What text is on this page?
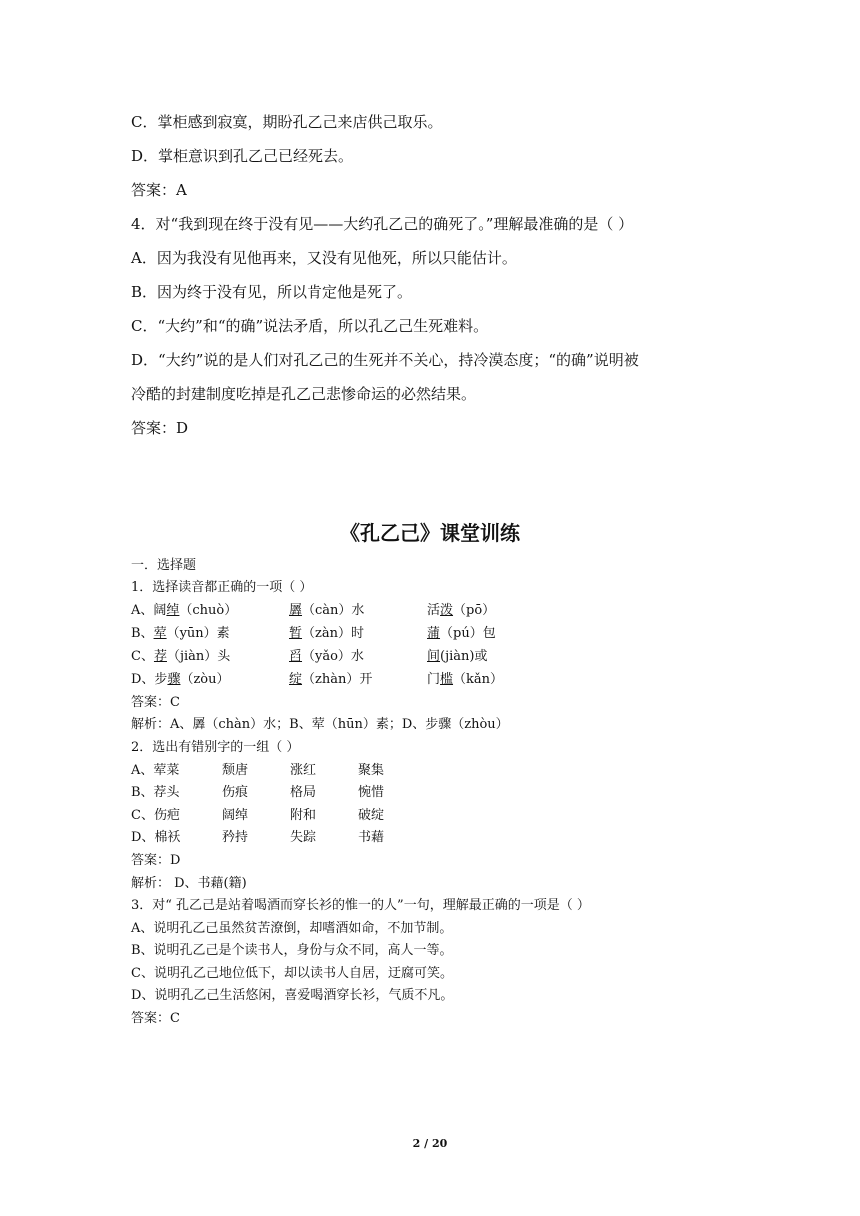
C．掌柜感到寂寞，期盼孔乙己来店供己取乐。
D．掌柜意识到孔乙己已经死去。
答案：A
4．对“我到现在终于没有见——大约孔乙己的确死了。”理解最准确的是（ ）
A．因为我没有见他再来，又没有见他死，所以只能估计。
B．因为终于没有见，所以肯定他是死了。
C．“大约”和“的确”说法矛盾，所以孔乙己生死难料。
D．“大约”说的是人们对孔乙己的生死并不关心，持冷漠态度；“的确”说明被
冷酷的封建制度吃掉是孔乙己悲惨命运的必然结果。
答案：D
《孔乙己》课堂训练
一．选择题
1．选择读音都正确的一项（ ）
A、阔绰（chuò）	羼（càn）水	活泼（pō）
B、荤（yūn）素	暂（zàn）时	蒲（pú）包
C、荐（jiàn）头	舀（yǎo）水	间(jiàn)或
D、步骤（zòu）	绽（zhàn）开	门槛（kǎn）
答案：C
解析：A、羼（chàn）水；B、荤（hūn）素；D、步骤（zhòu）
2．选出有错别字的一组（ ）
A、荤菜	颓唐	涨红	聚集
B、荐头	伤痕	格局	惋惜
C、伤疤	阔绰	附和	破绽
D、棉袄	矜持	失踪	书藉
答案：D
解析： D、书藉(籍)
3．对“ 孔乙己是站着喝酒而穿长衫的惟一的人”一句，理解最正确的一项是（ ）
A、说明孔乙己虽然贫苦潦倒，却嗜酒如命，不加节制。
B、说明孔乙己是个读书人，身份与众不同，高人一等。
C、说明孔乙己地位低下，却以读书人自居，迂腐可笑。
D、说明孔乙己生活悠闲，喜爱喝酒穿长衫，气质不凡。
答案：C
2 / 20
